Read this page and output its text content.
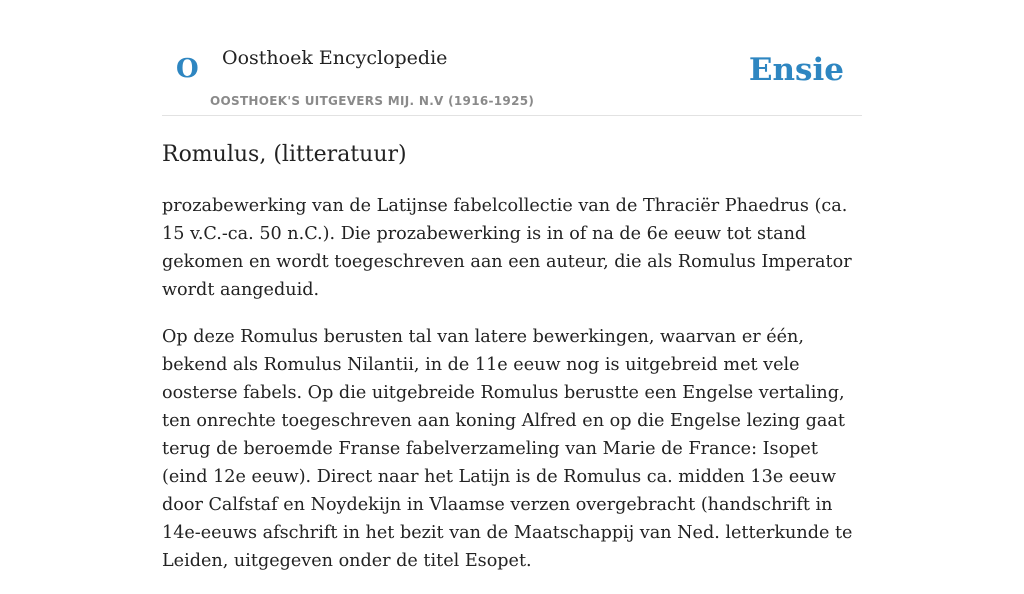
O Oosthoek Encyclopedie
OOSTHOEK'S UITGEVERS MIJ. N.V (1916-1925)
Ensie
Romulus, (litteratuur)

prozabewerking van de Latijnse fabelcollectie van de Thraciër Phaedrus (ca. 15 v.C.-ca. 50 n.C.). Die prozabewerking is in of na de 6e eeuw tot stand gekomen en wordt toegeschreven aan een auteur, die als Romulus Imperator wordt aangeduid.

Op deze Romulus berusten tal van latere bewerkingen, waarvan er één, bekend als Romulus Nilantii, in de 11e eeuw nog is uitgebreid met vele oosterse fabels. Op die uitgebreide Romulus berustte een Engelse vertaling, ten onrechte toegeschreven aan koning Alfred en op die Engelse lezing gaat terug de beroemde Franse fabelverzameling van Marie de France: Isopet (eind 12e eeuw). Direct naar het Latijn is de Romulus ca. midden 13e eeuw door Calfstaf en Noydekijn in Vlaamse verzen overgebracht (handschrift in 14e-eeuws afschrift in het bezit van de Maatschappij van Ned. letterkunde te Leiden, uitgegeven onder de titel Esopet.
